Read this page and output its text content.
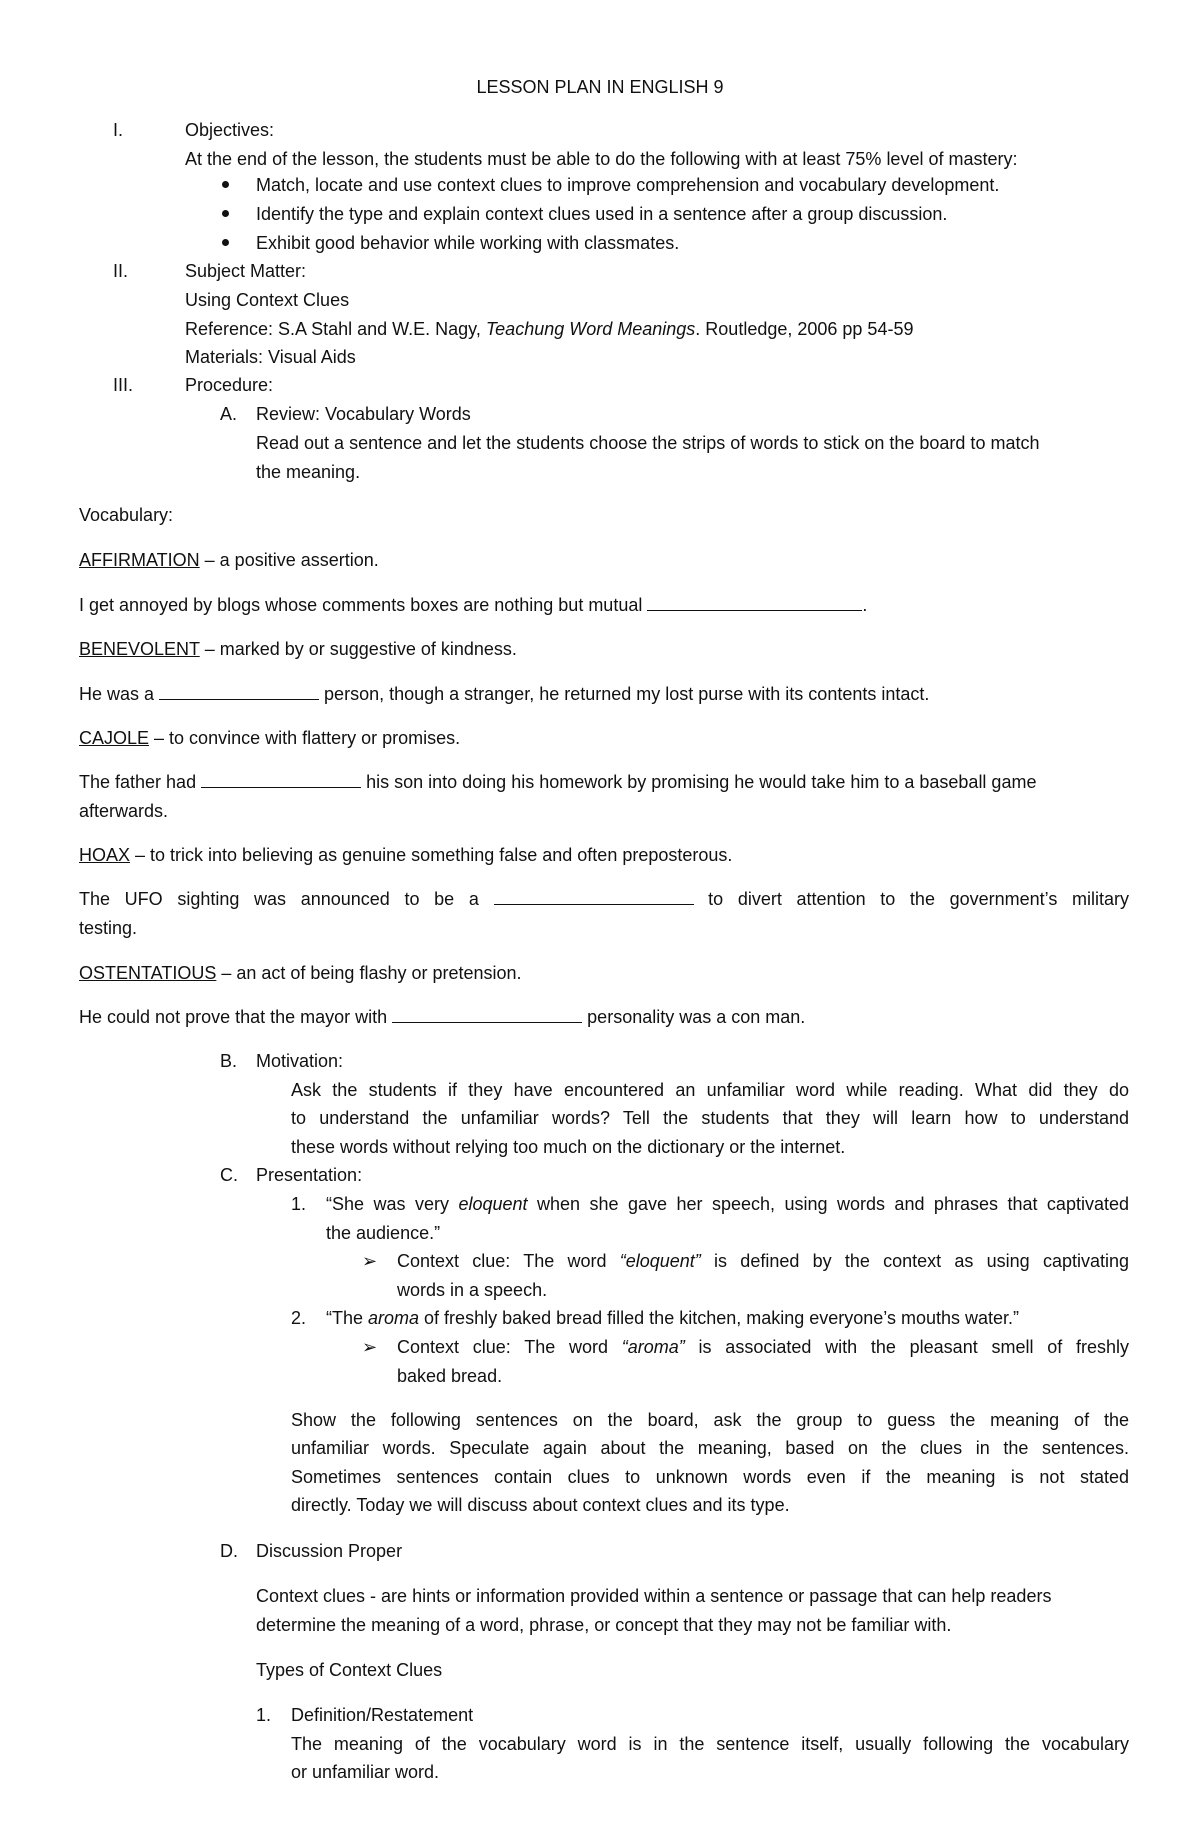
LESSON PLAN IN ENGLISH 9
I.	Objectives:
At the end of the lesson, the students must be able to do the following with at least 75% level of mastery:
Match, locate and use context clues to improve comprehension and vocabulary development.
Identify the type and explain context clues used in a sentence after a group discussion.
Exhibit good behavior while working with classmates.
II.	Subject Matter:
Using Context Clues
Reference: S.A Stahl and W.E. Nagy, Teachung Word Meanings. Routledge, 2006 pp 54-59
Materials: Visual Aids
III.	Procedure:
A. Review: Vocabulary Words
Read out a sentence and let the students choose the strips of words to stick on the board to match
the meaning.
Vocabulary:
AFFIRMATION – a positive assertion.
I get annoyed by blogs whose comments boxes are nothing but mutual	.
BENEVOLENT – marked by or suggestive of kindness.
He was a	person, though a stranger, he returned my lost purse with its contents intact.
CAJOLE – to convince with flattery or promises.
The father had	his son into doing his homework by promising he would take him to a baseball game
afterwards.
HOAX – to trick into believing as genuine something false and often preposterous.
The UFO sighting was announced to be a	to divert attention to the government’s military
testing.
OSTENTATIOUS – an act of being flashy or pretension.
He could not prove that the mayor with	personality was a con man.
B. Motivation:
Ask the students if they have encountered an unfamiliar word while reading. What did they do
to understand the unfamiliar words? Tell the students that they will learn how to understand
these words without relying too much on the dictionary or the internet.
C. Presentation:
1. “She was very eloquent when she gave her speech, using words and phrases that captivated
the audience.”
➢ Context clue: The word “eloquent” is defined by the context as using captivating
words in a speech.
2. “The aroma of freshly baked bread filled the kitchen, making everyone’s mouths water.”
➢ Context clue: The word “aroma” is associated with the pleasant smell of freshly
baked bread.
Show the following sentences on the board, ask the group to guess the meaning of the
unfamiliar words. Speculate again about the meaning, based on the clues in the sentences.
Sometimes sentences contain clues to unknown words even if the meaning is not stated
directly. Today we will discuss about context clues and its type.
D. Discussion Proper
Context clues - are hints or information provided within a sentence or passage that can help readers
determine the meaning of a word, phrase, or concept that they may not be familiar with.
Types of Context Clues
1. Definition/Restatement
The meaning of the vocabulary word is in the sentence itself, usually following the vocabulary
or unfamiliar word.
